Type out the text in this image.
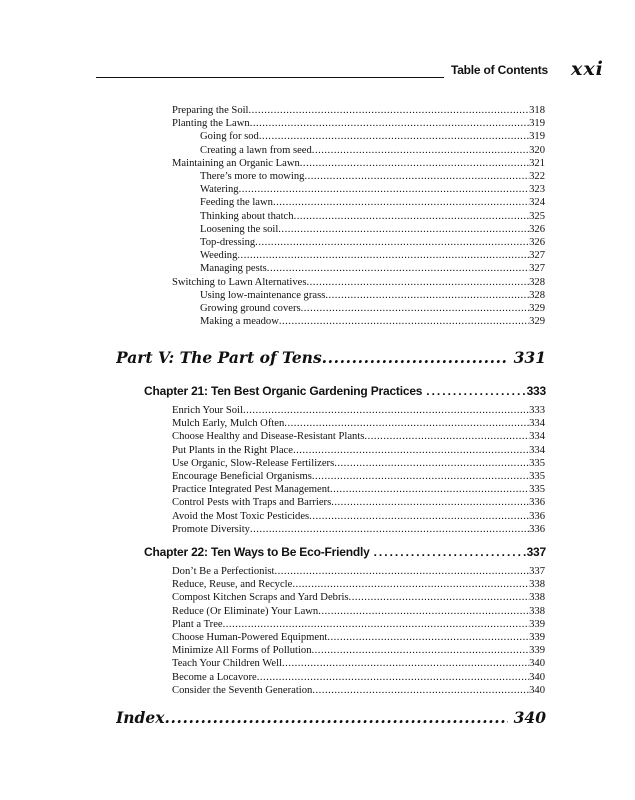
Table of Contents xxi
Preparing the Soil .....	318
Planting the Lawn .....	319
Going for sod .....	319
Creating a lawn from seed .....	320
Maintaining an Organic Lawn .....	321
There’s more to mowing .....	322
Watering .....	323
Feeding the lawn .....	324
Thinking about thatch .....	325
Loosening the soil .....	326
Top-dressing .....	326
Weeding .....	327
Managing pests .....	327
Switching to Lawn Alternatives .....	328
Using low-maintenance grass .....	328
Growing ground covers .....	329
Making a meadow .....	329
Part V: The Part of Tens .....	331
Chapter 21: Ten Best Organic Gardening Practices .....	333
Enrich Your Soil .....	333
Mulch Early, Mulch Often .....	334
Choose Healthy and Disease-Resistant Plants .....	334
Put Plants in the Right Place .....	334
Use Organic, Slow-Release Fertilizers .....	335
Encourage Beneficial Organisms .....	335
Practice Integrated Pest Management .....	335
Control Pests with Traps and Barriers .....	336
Avoid the Most Toxic Pesticides .....	336
Promote Diversity .....	336
Chapter 22: Ten Ways to Be Eco-Friendly .....	337
Don’t Be a Perfectionist .....	337
Reduce, Reuse, and Recycle .....	338
Compost Kitchen Scraps and Yard Debris .....	338
Reduce (Or Eliminate) Your Lawn .....	338
Plant a Tree .....	339
Choose Human-Powered Equipment .....	339
Minimize All Forms of Pollution .....	339
Teach Your Children Well .....	340
Become a Locavore .....	340
Consider the Seventh Generation .....	340
Index .....	340
